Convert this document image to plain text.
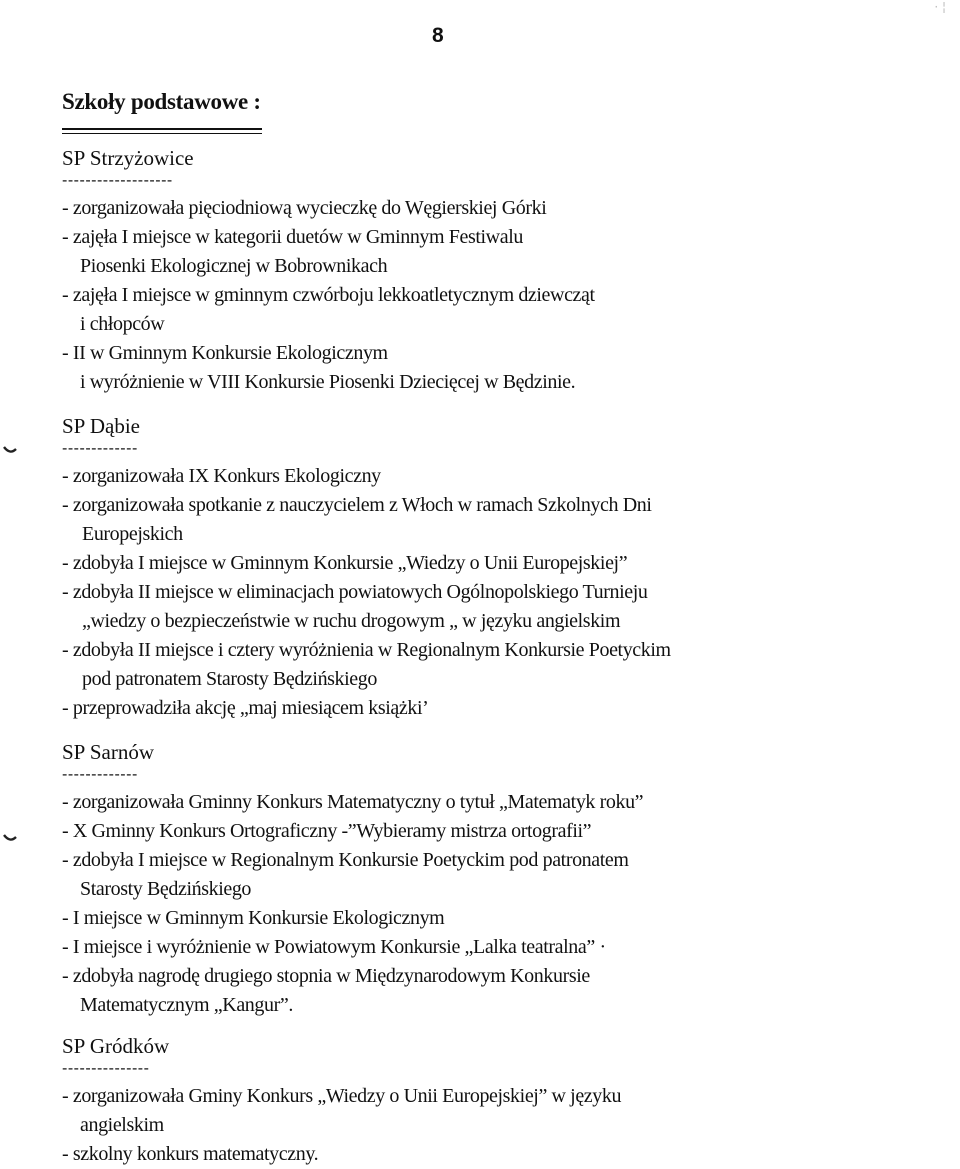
· ¦
8
Szkoły podstawowe :
SP Strzyżowice
-------------------
- zorganizowała pięciodniową wycieczkę do Węgierskiej Górki
- zajęła I miejsce w kategorii duetów w Gminnym Festiwalu
Piosenki Ekologicznej w Bobrownikach
- zajęła I miejsce w gminnym czwórboju lekkoatletycznym dziewcząt
i chłopców
- II w Gminnym Konkursie Ekologicznym
i wyróżnienie w VIII Konkursie Piosenki Dziecięcej w Będzinie.
SP Dąbie
-------------
- zorganizowała IX Konkurs Ekologiczny
- zorganizowała spotkanie z nauczycielem z Włoch w ramach Szkolnych Dni
Europejskich
- zdobyła I miejsce w Gminnym Konkursie „Wiedzy o Unii Europejskiej”
- zdobyła II miejsce w eliminacjach powiatowych Ogólnopolskiego Turnieju
„wiedzy o bezpieczeństwie w ruchu drogowym „ w języku angielskim
- zdobyła II miejsce i cztery wyróżnienia w Regionalnym Konkursie Poetyckim
pod patronatem Starosty Będzińskiego
- przeprowadziła akcję „maj miesiącem książki’
SP Sarnów
-------------
- zorganizowała Gminny Konkurs Matematyczny o tytuł „Matematyk roku”
- X Gminny Konkurs Ortograficzny -”Wybieramy mistrza ortografii”
- zdobyła I miejsce w Regionalnym Konkursie Poetyckim pod patronatem
Starosty Będzińskiego
- I miejsce w Gminnym Konkursie Ekologicznym
- I miejsce i wyróżnienie w Powiatowym Konkursie „Lalka teatralna” ·
- zdobyła nagrodę drugiego stopnia w Międzynarodowym Konkursie
Matematycznym „Kangur”.
SP Gródków
---------------
- zorganizowała Gminy Konkurs „Wiedzy o Unii Europejskiej” w języku
angielskim
- szkolny konkurs matematyczny.
